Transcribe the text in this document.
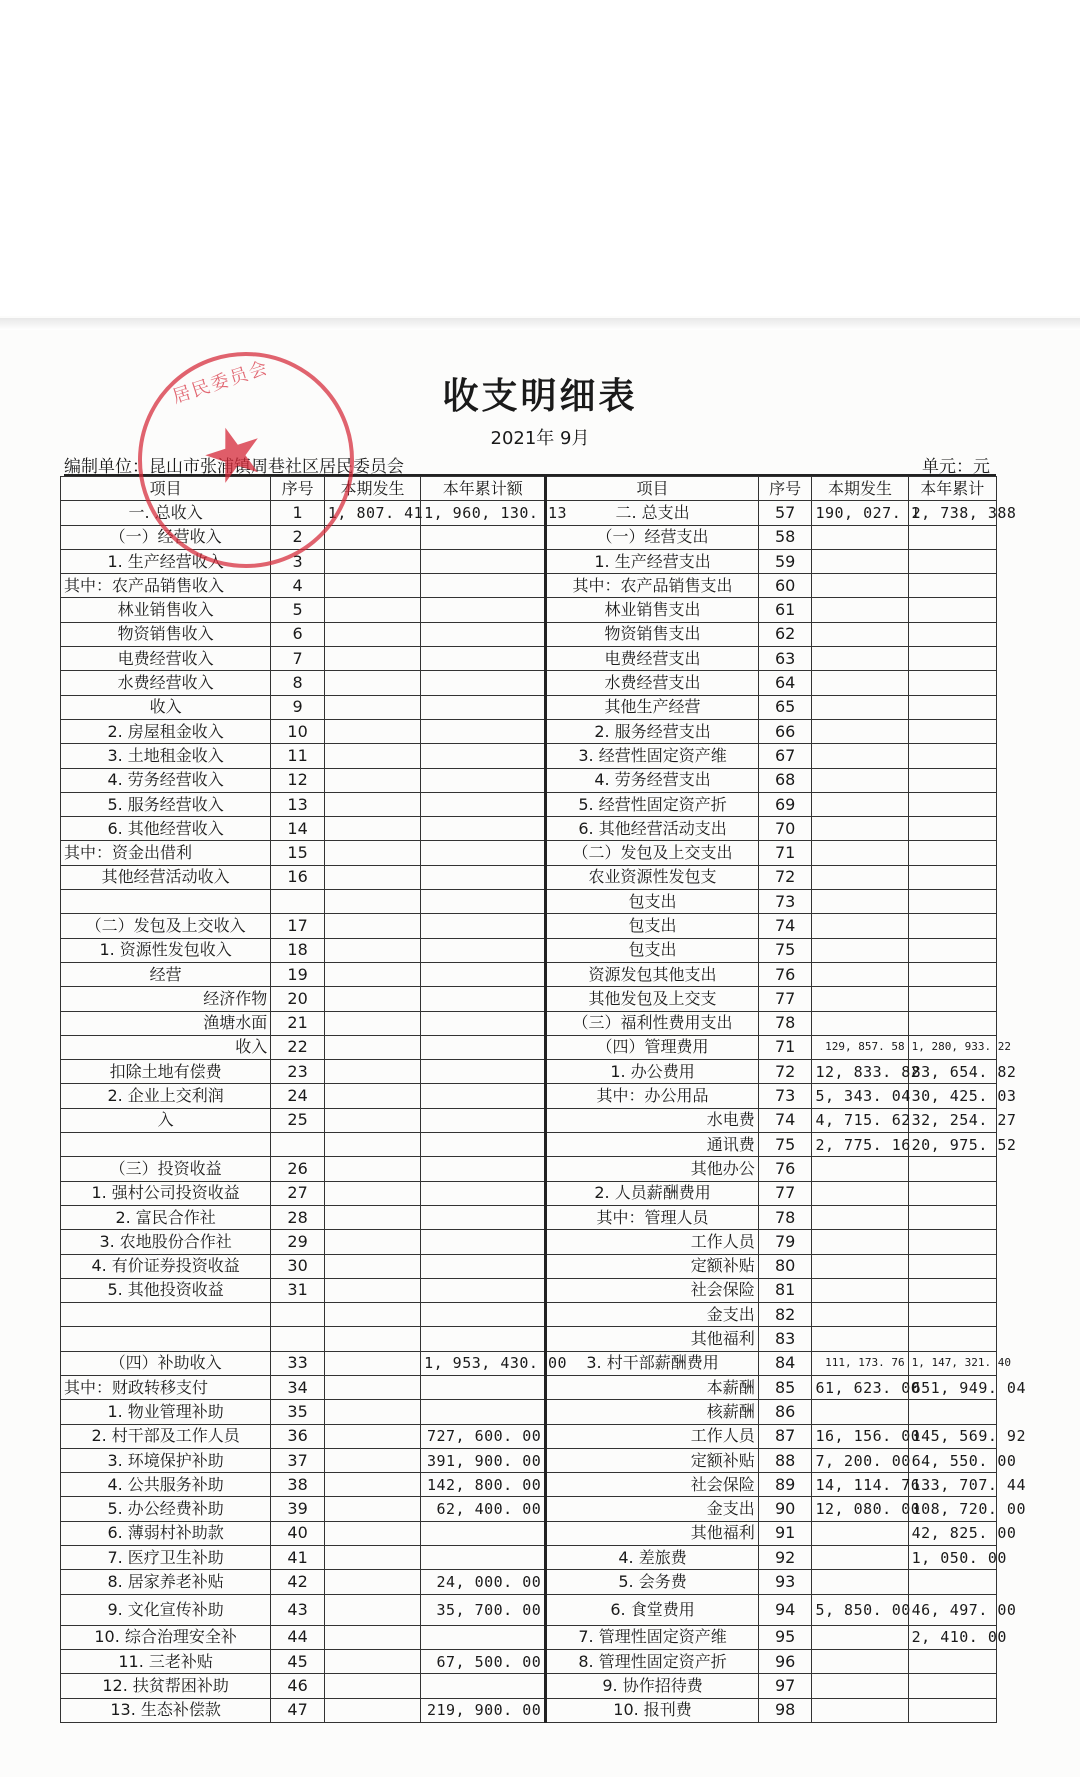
收支明细表
2021年 9月
编制单位：昆山市张浦镇周巷社区居民委员会	单元：元
项目	序号	本期发生	本年累计额	项目	序号	本期发生	本年累计
一. 总收入	1	1, 807. 41	1, 960, 130. 13	二. 总支出	57	190, 027. 1	2, 738, 388
（一）经营收入	2			（一）经营支出	58		
1. 生产经营收入	3			1. 生产经营支出	59		
其中：农产品销售收入	4			其中：农产品销售支出	60		
林业销售收入	5			林业销售支出	61		
物资销售收入	6			物资销售支出	62		
电费经营收入	7			电费经营支出	63		
水费经营收入	8			水费经营支出	64		
收入	9			其他生产经营	65		
2. 房屋租金收入	10			2. 服务经营支出	66		
3. 土地租金收入	11			3. 经营性固定资产维	67		
4. 劳务经营收入	12			4. 劳务经营支出	68		
5. 服务经营收入	13			5. 经营性固定资产折	69		
6. 其他经营收入	14			6. 其他经营活动支出	70		
其中：资金出借利	15			（二）发包及上交支出	71		
其他经营活动收入	16			农业资源性发包支	72		
				包支出	73		
（二）发包及上交收入	17			包支出	74		
1. 资源性发包收入	18			包支出	75		
经营	19			资源发包其他支出	76		
经济作物	20			其他发包及上交支	77		
渔塘水面	21			（三）福利性费用支出	78		
收入	22			（四）管理费用	71	129, 857. 58	1, 280, 933. 22
扣除土地有偿费	23			1. 办公费用	72	12, 833. 82	83, 654. 82
2. 企业上交利润	24			其中：办公用品	73	5, 343. 04	30, 425. 03
入	25			水电费	74	4, 715. 62	32, 254. 27
				通讯费	75	2, 775. 16	20, 975. 52
（三）投资收益	26			其他办公	76		
1. 强村公司投资收益	27			2. 人员薪酬费用	77		
2. 富民合作社	28			其中：管理人员	78		
3. 农地股份合作社	29			工作人员	79		
4. 有价证券投资收益	30			定额补贴	80		
5. 其他投资收益	31			社会保险	81		
				金支出	82		
				其他福利	83		
（四）补助收入	33		1, 953, 430. 00	3. 村干部薪酬费用	84	111, 173. 76	1, 147, 321. 40
其中：财政转移支付	34			本薪酬	85	61, 623. 00	651, 949. 04
1. 物业管理补助	35			核薪酬	86		
2. 村干部及工作人员	36		727, 600. 00	工作人员	87	16, 156. 00	145, 569. 92
3. 环境保护补助	37		391, 900. 00	定额补贴	88	7, 200. 00	64, 550. 00
4. 公共服务补助	38		142, 800. 00	社会保险	89	14, 114. 76	133, 707. 44
5. 办公经费补助	39		62, 400. 00	金支出	90	12, 080. 00	108, 720. 00
6. 薄弱村补助款	40			其他福利	91		42, 825. 00
7. 医疗卫生补助	41			4. 差旅费	92		1, 050. 00
8. 居家养老补贴	42		24, 000. 00	5. 会务费	93		
9. 文化宣传补助	43		35, 700. 00	6. 食堂费用	94	5, 850. 00	46, 497. 00
10. 综合治理安全补	44			7. 管理性固定资产维	95		2, 410. 00
11. 三老补贴	45		67, 500. 00	8. 管理性固定资产折	96		
12. 扶贫帮困补助	46			9. 协作招待费	97		
13. 生态补偿款	47		219, 900. 00	10. 报刊费	98		
居民委员会
★
